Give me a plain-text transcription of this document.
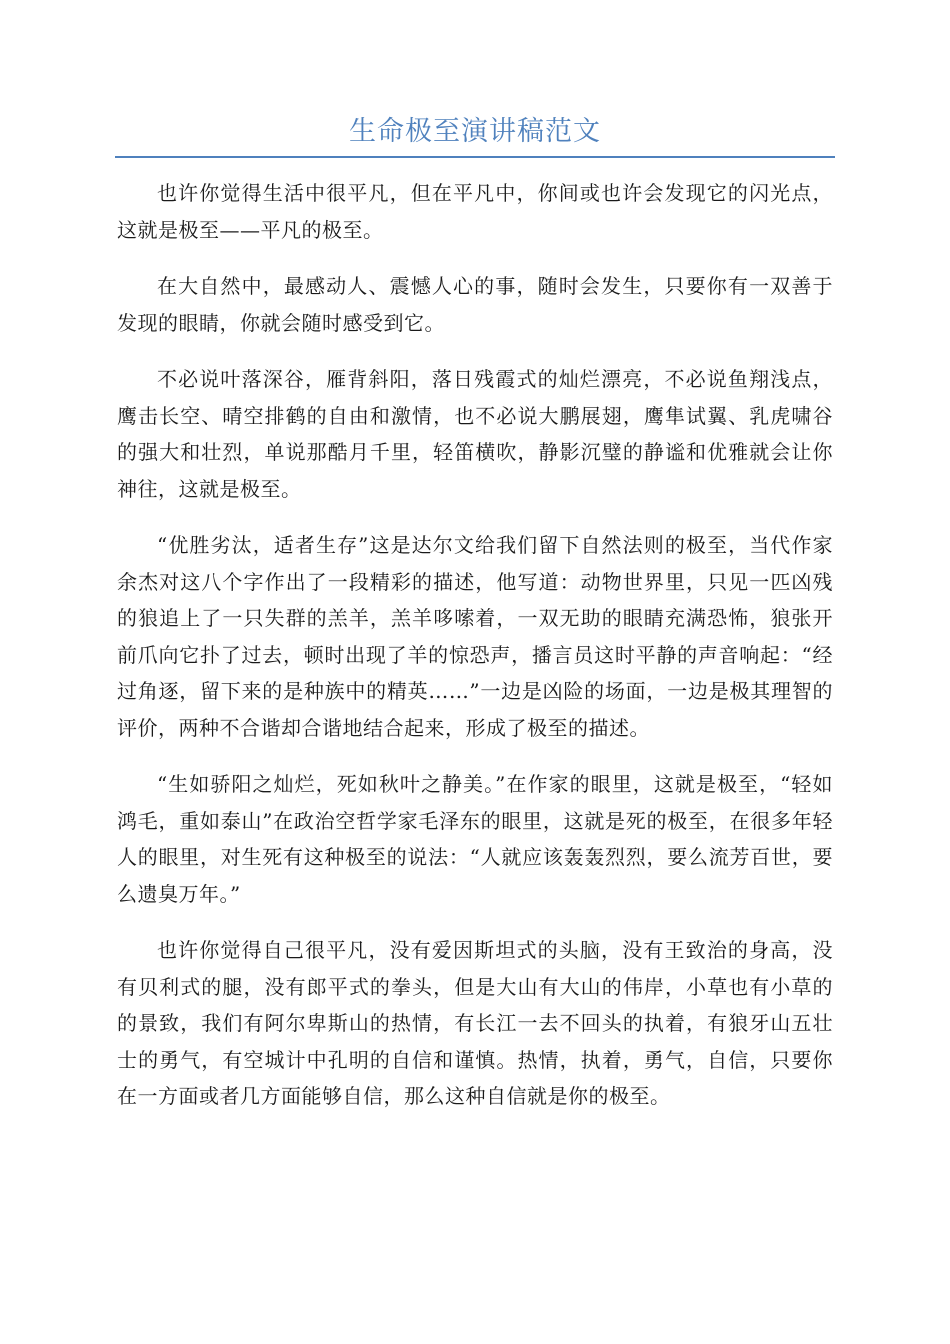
生命极至演讲稿范文

也许你觉得生活中很平凡，但在平凡中，你间或也许会发现它的闪光点，这就是极至——平凡的极至。

在大自然中，最感动人、震憾人心的事，随时会发生，只要你有一双善于发现的眼睛，你就会随时感受到它。

不必说叶落深谷，雁背斜阳，落日残霞式的灿烂漂亮，不必说鱼翔浅点，鹰击长空、晴空排鹤的自由和激情，也不必说大鹏展翅，鹰隼试翼、乳虎啸谷的强大和壮烈，单说那酷月千里，轻笛横吹，静影沉璧的静谧和优雅就会让你神往，这就是极至。

“优胜劣汰，适者生存”这是达尔文给我们留下自然法则的极至，当代作家余杰对这八个字作出了一段精彩的描述，他写道：动物世界里，只见一匹凶残的狼追上了一只失群的羔羊，羔羊哆嗦着，一双无助的眼睛充满恐怖，狼张开前爪向它扑了过去，顿时出现了羊的惊恐声，播言员这时平静的声音响起：“经过角逐，留下来的是种族中的精英……”一边是凶险的场面，一边是极其理智的评价，两种不合谐却合谐地结合起来，形成了极至的描述。

“生如骄阳之灿烂，死如秋叶之静美。”在作家的眼里，这就是极至，“轻如鸿毛，重如泰山”在政治空哲学家毛泽东的眼里，这就是死的极至，在很多年轻人的眼里，对生死有这种极至的说法：“人就应该轰轰烈烈，要么流芳百世，要么遗臭万年。”

也许你觉得自己很平凡，没有爱因斯坦式的头脑，没有王致治的身高，没有贝利式的腿，没有郎平式的拳头，但是大山有大山的伟岸，小草也有小草的的景致，我们有阿尔卑斯山的热情，有长江一去不回头的执着，有狼牙山五壮士的勇气，有空城计中孔明的自信和谨慎。热情，执着，勇气，自信，只要你在一方面或者几方面能够自信，那么这种自信就是你的极至。
